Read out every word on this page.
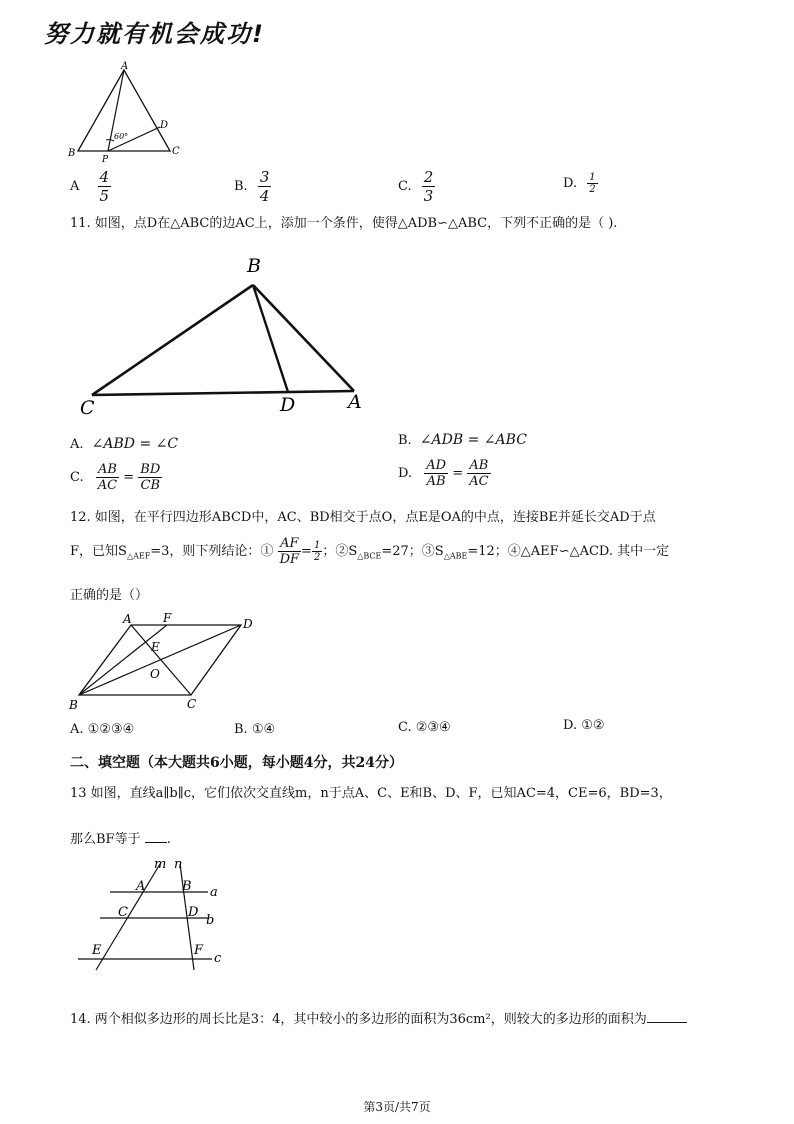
努力就有机会成功!
A
B	C
D
P
60°
A $\frac{4}{5}$	B. $\frac{3}{4}$	C. $\frac{2}{3}$	D. $\frac{1}{2}$
11. 如图，点D在△ABC的边AC上，添加一个条件，使得△ADB∽△ABC，下列不正确的是（ ).
B
C	D	A
A. ∠ABD = ∠C	B. ∠ADB = ∠ABC
C. $\frac{AB}{AC} = \frac{BD}{CB}$	D. $\frac{AD}{AB} = \frac{AB}{AC}$
12. 如图，在平行四边形ABCD中，AC、BD相交于点O，点E是OA的中点，连接BE并延长交AD于点
F，已知$S_{\triangle AEF}=3$，则下列结论：① $\frac{AF}{DF} = \frac{1}{2}$ ；$②S_{\triangle BCE}=27$；$③S_{\triangle ABE}=12$；④△AEF∽△ACD. 其中一定
正确的是（）
A	F	D
E
O
B	C
A. ①②③④	B. ①④	C. ②③④	D. ①②
二、填空题（本大题共6小题，每小题4分，共24分）
13 如图，直线a∥b∥c，它们依次交直线m，n于点A、C、E和B、D、F，已知AC=4，CE=6，BD=3，
那么BF等于 .
m n
A	B a
C	D
b
E	F
c
14. 两个相似多边形的周长比是3：4，其中较小的多边形的面积为36cm²，则较大的多边形的面积为
第3页/共7页
